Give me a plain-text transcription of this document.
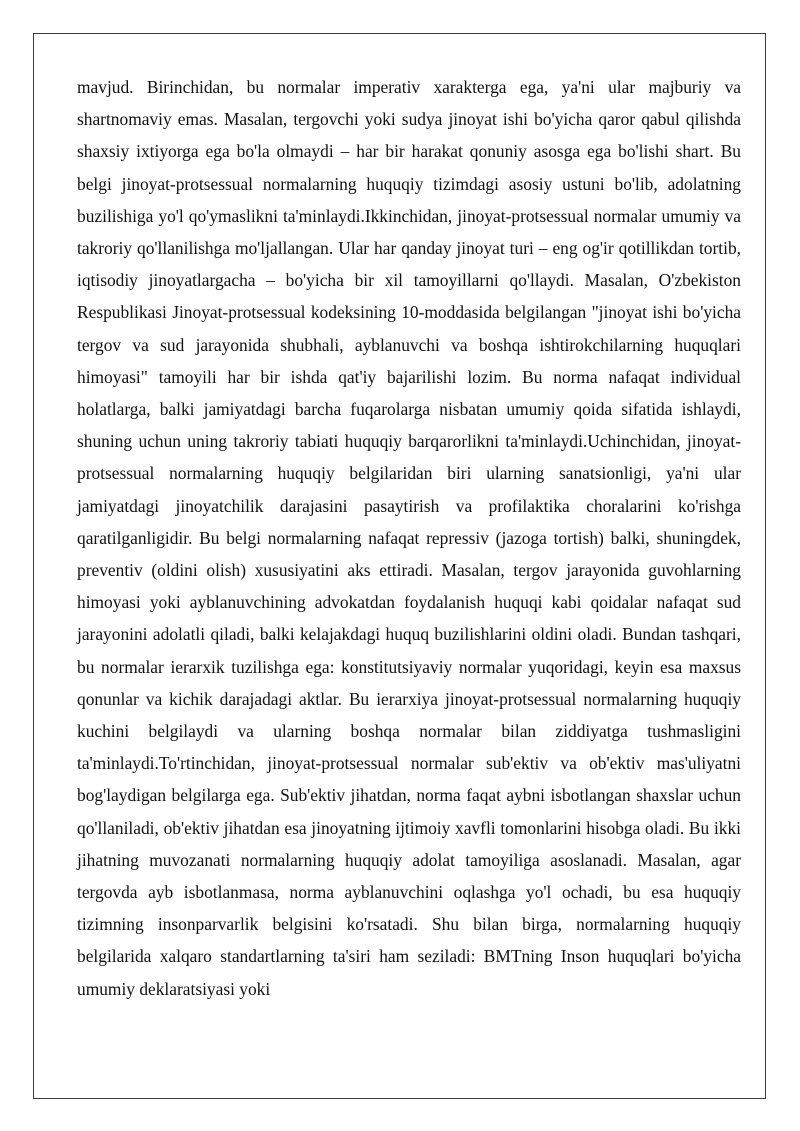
mavjud. Birinchidan, bu normalar imperativ xarakterga ega, ya'ni ular majburiy va shartnomaviy emas. Masalan, tergovchi yoki sudya jinoyat ishi bo'yicha qaror qabul qilishda shaxsiy ixtiyorga ega bo'la olmaydi – har bir harakat qonuniy asosga ega bo'lishi shart. Bu belgi jinoyat-protsessual normalarning huquqiy tizimdagi asosiy ustuni bo'lib, adolatning buzilishiga yo'l qo'ymaslikni ta'minlaydi.Ikkinchidan, jinoyat-protsessual normalar umumiy va takroriy qo'llanilishga mo'ljallangan. Ular har qanday jinoyat turi – eng og'ir qotillikdan tortib, iqtisodiy jinoyatlargacha – bo'yicha bir xil tamoyillarni qo'llaydi. Masalan, O'zbekiston Respublikasi Jinoyat-protsessual kodeksining 10-moddasida belgilangan "jinoyat ishi bo'yicha tergov va sud jarayonida shubhali, ayblanuvchi va boshqa ishtirokchilarning huquqlari himoyasi" tamoyili har bir ishda qat'iy bajarilishi lozim. Bu norma nafaqat individual holatlarga, balki jamiyatdagi barcha fuqarolarga nisbatan umumiy qoida sifatida ishlaydi, shuning uchun uning takroriy tabiati huquqiy barqarorlikni ta'minlaydi.Uchinchidan, jinoyat-protsessual normalarning huquqiy belgilaridan biri ularning sanatsionligi, ya'ni ular jamiyatdagi jinoyatchilik darajasini pasaytirish va profilaktika choralarini ko'rishga qaratilganligidir. Bu belgi normalarning nafaqat repressiv (jazoga tortish) balki, shuningdek, preventiv (oldini olish) xususiyatini aks ettiradi. Masalan, tergov jarayonida guvohlarning himoyasi yoki ayblanuvchining advokatdan foydalanish huquqi kabi qoidalar nafaqat sud jarayonini adolatli qiladi, balki kelajakdagi huquq buzilishlarini oldini oladi. Bundan tashqari, bu normalar ierarxik tuzilishga ega: konstitutsiyaviy normalar yuqoridagi, keyin esa maxsus qonunlar va kichik darajadagi aktlar. Bu ierarxiya jinoyat-protsessual normalarning huquqiy kuchini belgilaydi va ularning boshqa normalar bilan ziddiyatga tushmasligini ta'minlaydi.To'rtinchidan, jinoyat-protsessual normalar sub'ektiv va ob'ektiv mas'uliyatni bog'laydigan belgilarga ega. Sub'ektiv jihatdan, norma faqat aybni isbotlangan shaxslar uchun qo'llaniladi, ob'ektiv jihatdan esa jinoyatning ijtimoiy xavfli tomonlarini hisobga oladi. Bu ikki jihatning muvozanati normalarning huquqiy adolat tamoyiliga asoslanadi. Masalan, agar tergovda ayb isbotlanmasa, norma ayblanuvchini oqlashga yo'l ochadi, bu esa huquqiy tizimning insonparvarlik belgisini ko'rsatadi. Shu bilan birga, normalarning huquqiy belgilarida xalqaro standartlarning ta'siri ham seziladi: BMTning Inson huquqlari bo'yicha umumiy deklaratsiyasi yoki
